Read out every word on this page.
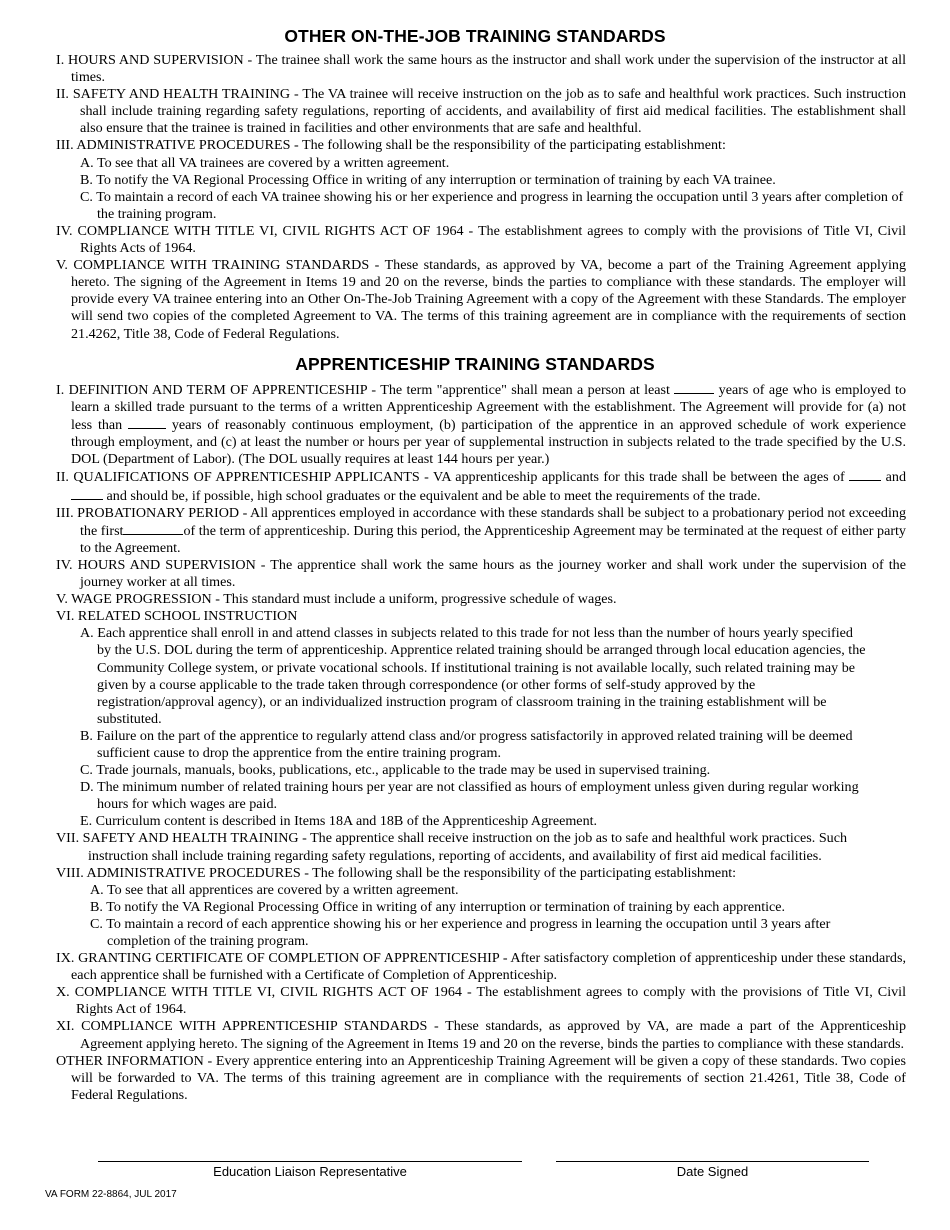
OTHER ON-THE-JOB TRAINING STANDARDS

I. HOURS AND SUPERVISION - The trainee shall work the same hours as the instructor and shall work under the supervision of the instructor at all times.

II. SAFETY AND HEALTH TRAINING - The VA trainee will receive instruction on the job as to safe and healthful work practices. Such instruction shall include training regarding safety regulations, reporting of accidents, and availability of first aid medical facilities. The establishment shall also ensure that the trainee is trained in facilities and other environments that are safe and healthful.

III. ADMINISTRATIVE PROCEDURES - The following shall be the responsibility of the participating establishment:

A. To see that all VA trainees are covered by a written agreement.

B. To notify the VA Regional Processing Office in writing of any interruption or termination of training by each VA trainee.

C. To maintain a record of each VA trainee showing his or her experience and progress in learning the occupation until 3 years after completion of the training program.

IV. COMPLIANCE WITH TITLE VI, CIVIL RIGHTS ACT OF 1964 - The establishment agrees to comply with the provisions of Title VI, Civil Rights Acts of 1964.

V. COMPLIANCE WITH TRAINING STANDARDS - These standards, as approved by VA, become a part of the Training Agreement applying hereto. The signing of the Agreement in Items 19 and 20 on the reverse, binds the parties to compliance with these standards. The employer will provide every VA trainee entering into an Other On-The-Job Training Agreement with a copy of the Agreement with these Standards. The employer will send two copies of the completed Agreement to VA. The terms of this training agreement are in compliance with the requirements of section 21.4262, Title 38, Code of Federal Regulations.

APPRENTICESHIP TRAINING STANDARDS

I. DEFINITION AND TERM OF APPRENTICESHIP - The term "apprentice" shall mean a person at least	years of age who is employed to learn a skilled trade pursuant to the terms of a written Apprenticeship Agreement with the establishment. The Agreement will provide for (a) not less than	years of reasonably continuous employment, (b) participation of the apprentice in an approved schedule of work experience through employment, and (c) at least the number or hours per year of supplemental instruction in subjects related to the trade specified by the U.S. DOL (Department of Labor). (The DOL usually requires at least 144 hours per year.)

II. QUALIFICATIONS OF APPRENTICESHIP APPLICANTS - VA apprenticeship applicants for this trade shall be between the ages of	and  and should be, if possible, high school graduates or the equivalent and be able to meet the requirements of the trade.

III. PROBATIONARY PERIOD - All apprentices employed in accordance with these standards shall be subject to a probationary period not exceeding the first	of the term of apprenticeship. During this period, the Apprenticeship Agreement may be terminated at the request of either party to the Agreement.

IV. HOURS AND SUPERVISION - The apprentice shall work the same hours as the journey worker and shall work under the supervision of the journey worker at all times.

V. WAGE PROGRESSION - This standard must include a uniform, progressive schedule of wages.

VI. RELATED SCHOOL INSTRUCTION

A. Each apprentice shall enroll in and attend classes in subjects related to this trade for not less than the number of hours yearly specified by the U.S. DOL during the term of apprenticeship. Apprentice related training should be arranged through local education agencies, the Community College system, or private vocational schools. If institutional training is not available locally, such related training may be given by a course applicable to the trade taken through correspondence (or other forms of self-study approved by the registration/approval agency), or an individualized instruction program of classroom training in the training establishment will be substituted.

B. Failure on the part of the apprentice to regularly attend class and/or progress satisfactorily in approved related training will be deemed sufficient cause to drop the apprentice from the entire training program.

C. Trade journals, manuals, books, publications, etc., applicable to the trade may be used in supervised training.

D. The minimum number of related training hours per year are not classified as hours of employment unless given during regular working hours for which wages are paid.

E. Curriculum content is described in Items 18A and 18B of the Apprenticeship Agreement.

VII. SAFETY AND HEALTH TRAINING - The apprentice shall receive instruction on the job as to safe and healthful work practices. Such instruction shall include training regarding safety regulations, reporting of accidents, and availability of first aid medical facilities.

VIII. ADMINISTRATIVE PROCEDURES - The following shall be the responsibility of the participating establishment:

A. To see that all apprentices are covered by a written agreement.

B. To notify the VA Regional Processing Office in writing of any interruption or termination of training by each apprentice.

C. To maintain a record of each apprentice showing his or her experience and progress in learning the occupation until 3 years after completion of the training program.

IX. GRANTING CERTIFICATE OF COMPLETION OF APPRENTICESHIP - After satisfactory completion of apprenticeship under these standards, each apprentice shall be furnished with a Certificate of Completion of Apprenticeship.

X. COMPLIANCE WITH TITLE VI, CIVIL RIGHTS ACT OF 1964 - The establishment agrees to comply with the provisions of Title VI, Civil Rights Act of 1964.

XI. COMPLIANCE WITH APPRENTICESHIP STANDARDS - These standards, as approved by VA, are made a part of the Apprenticeship Agreement applying hereto. The signing of the Agreement in Items 19 and 20 on the reverse, binds the parties to compliance with these standards.

OTHER INFORMATION - Every apprentice entering into an Apprenticeship Training Agreement will be given a copy of these standards. Two copies will be forwarded to VA. The terms of this training agreement are in compliance with the requirements of section 21.4261, Title 38, Code of Federal Regulations.

Education Liaison Representative	Date Signed
VA FORM 22-8864, JUL 2017
